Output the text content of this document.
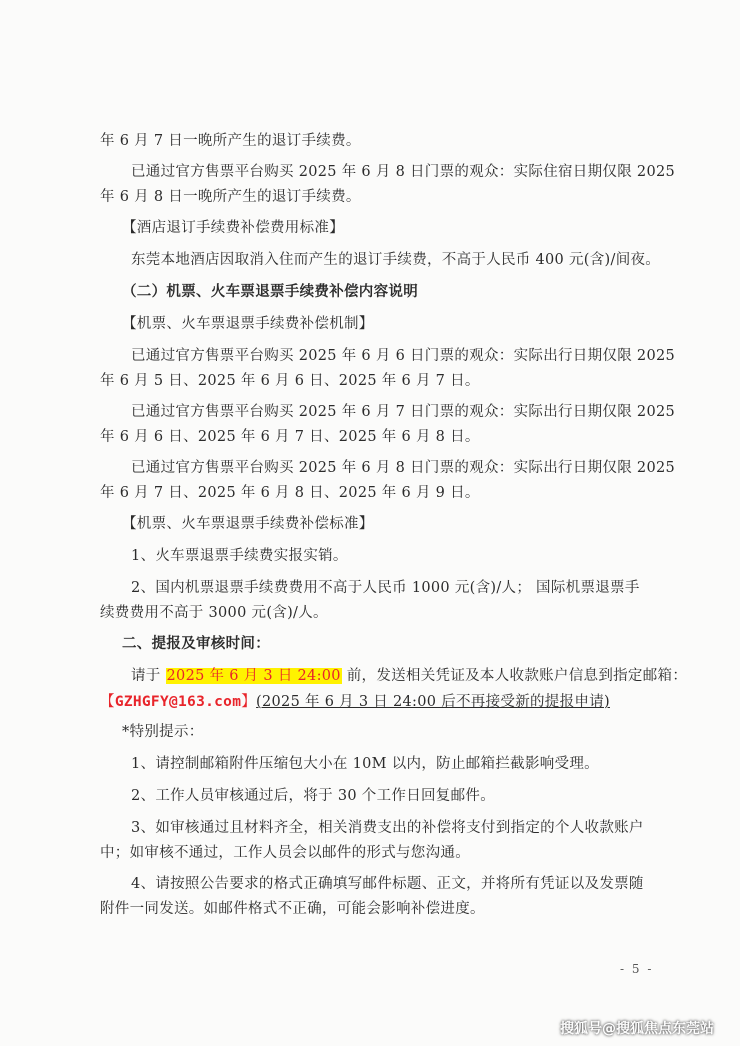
年 6 月 7 日一晚所产生的退订手续费。
已通过官方售票平台购买 2025 年 6 月 8 日门票的观众：实际住宿日期仅限 2025
年 6 月 8 日一晚所产生的退订手续费。
【酒店退订手续费补偿费用标准】
东莞本地酒店因取消入住而产生的退订手续费，不高于人民币 400 元(含)/间夜。
（二）机票、火车票退票手续费补偿内容说明
【机票、火车票退票手续费补偿机制】
已通过官方售票平台购买 2025 年 6 月 6 日门票的观众：实际出行日期仅限 2025
年 6 月 5 日、2025 年 6 月 6 日、2025 年 6 月 7 日。
已通过官方售票平台购买 2025 年 6 月 7 日门票的观众：实际出行日期仅限 2025
年 6 月 6 日、2025 年 6 月 7 日、2025 年 6 月 8 日。
已通过官方售票平台购买 2025 年 6 月 8 日门票的观众：实际出行日期仅限 2025
年 6 月 7 日、2025 年 6 月 8 日、2025 年 6 月 9 日。
【机票、火车票退票手续费补偿标准】
1、火车票退票手续费实报实销。
2、国内机票退票手续费费用不高于人民币 1000 元(含)/人； 国际机票退票手
续费费用不高于 3000 元(含)/人。
二、提报及审核时间：
请于 2025 年 6 月 3 日 24:00 前，发送相关凭证及本人收款账户信息到指定邮箱：
【GZHGFY@163.com】(2025 年 6 月 3 日 24:00 后不再接受新的提报申请)
*特别提示：
1、请控制邮箱附件压缩包大小在 10M 以内，防止邮箱拦截影响受理。
2、工作人员审核通过后，将于 30 个工作日回复邮件。
3、如审核通过且材料齐全，相关消费支出的补偿将支付到指定的个人收款账户
中；如审核不通过，工作人员会以邮件的形式与您沟通。
4、请按照公告要求的格式正确填写邮件标题、正文，并将所有凭证以及发票随
附件一同发送。如邮件格式不正确，可能会影响补偿进度。
- 5 -
搜狐号@搜狐焦点东莞站
